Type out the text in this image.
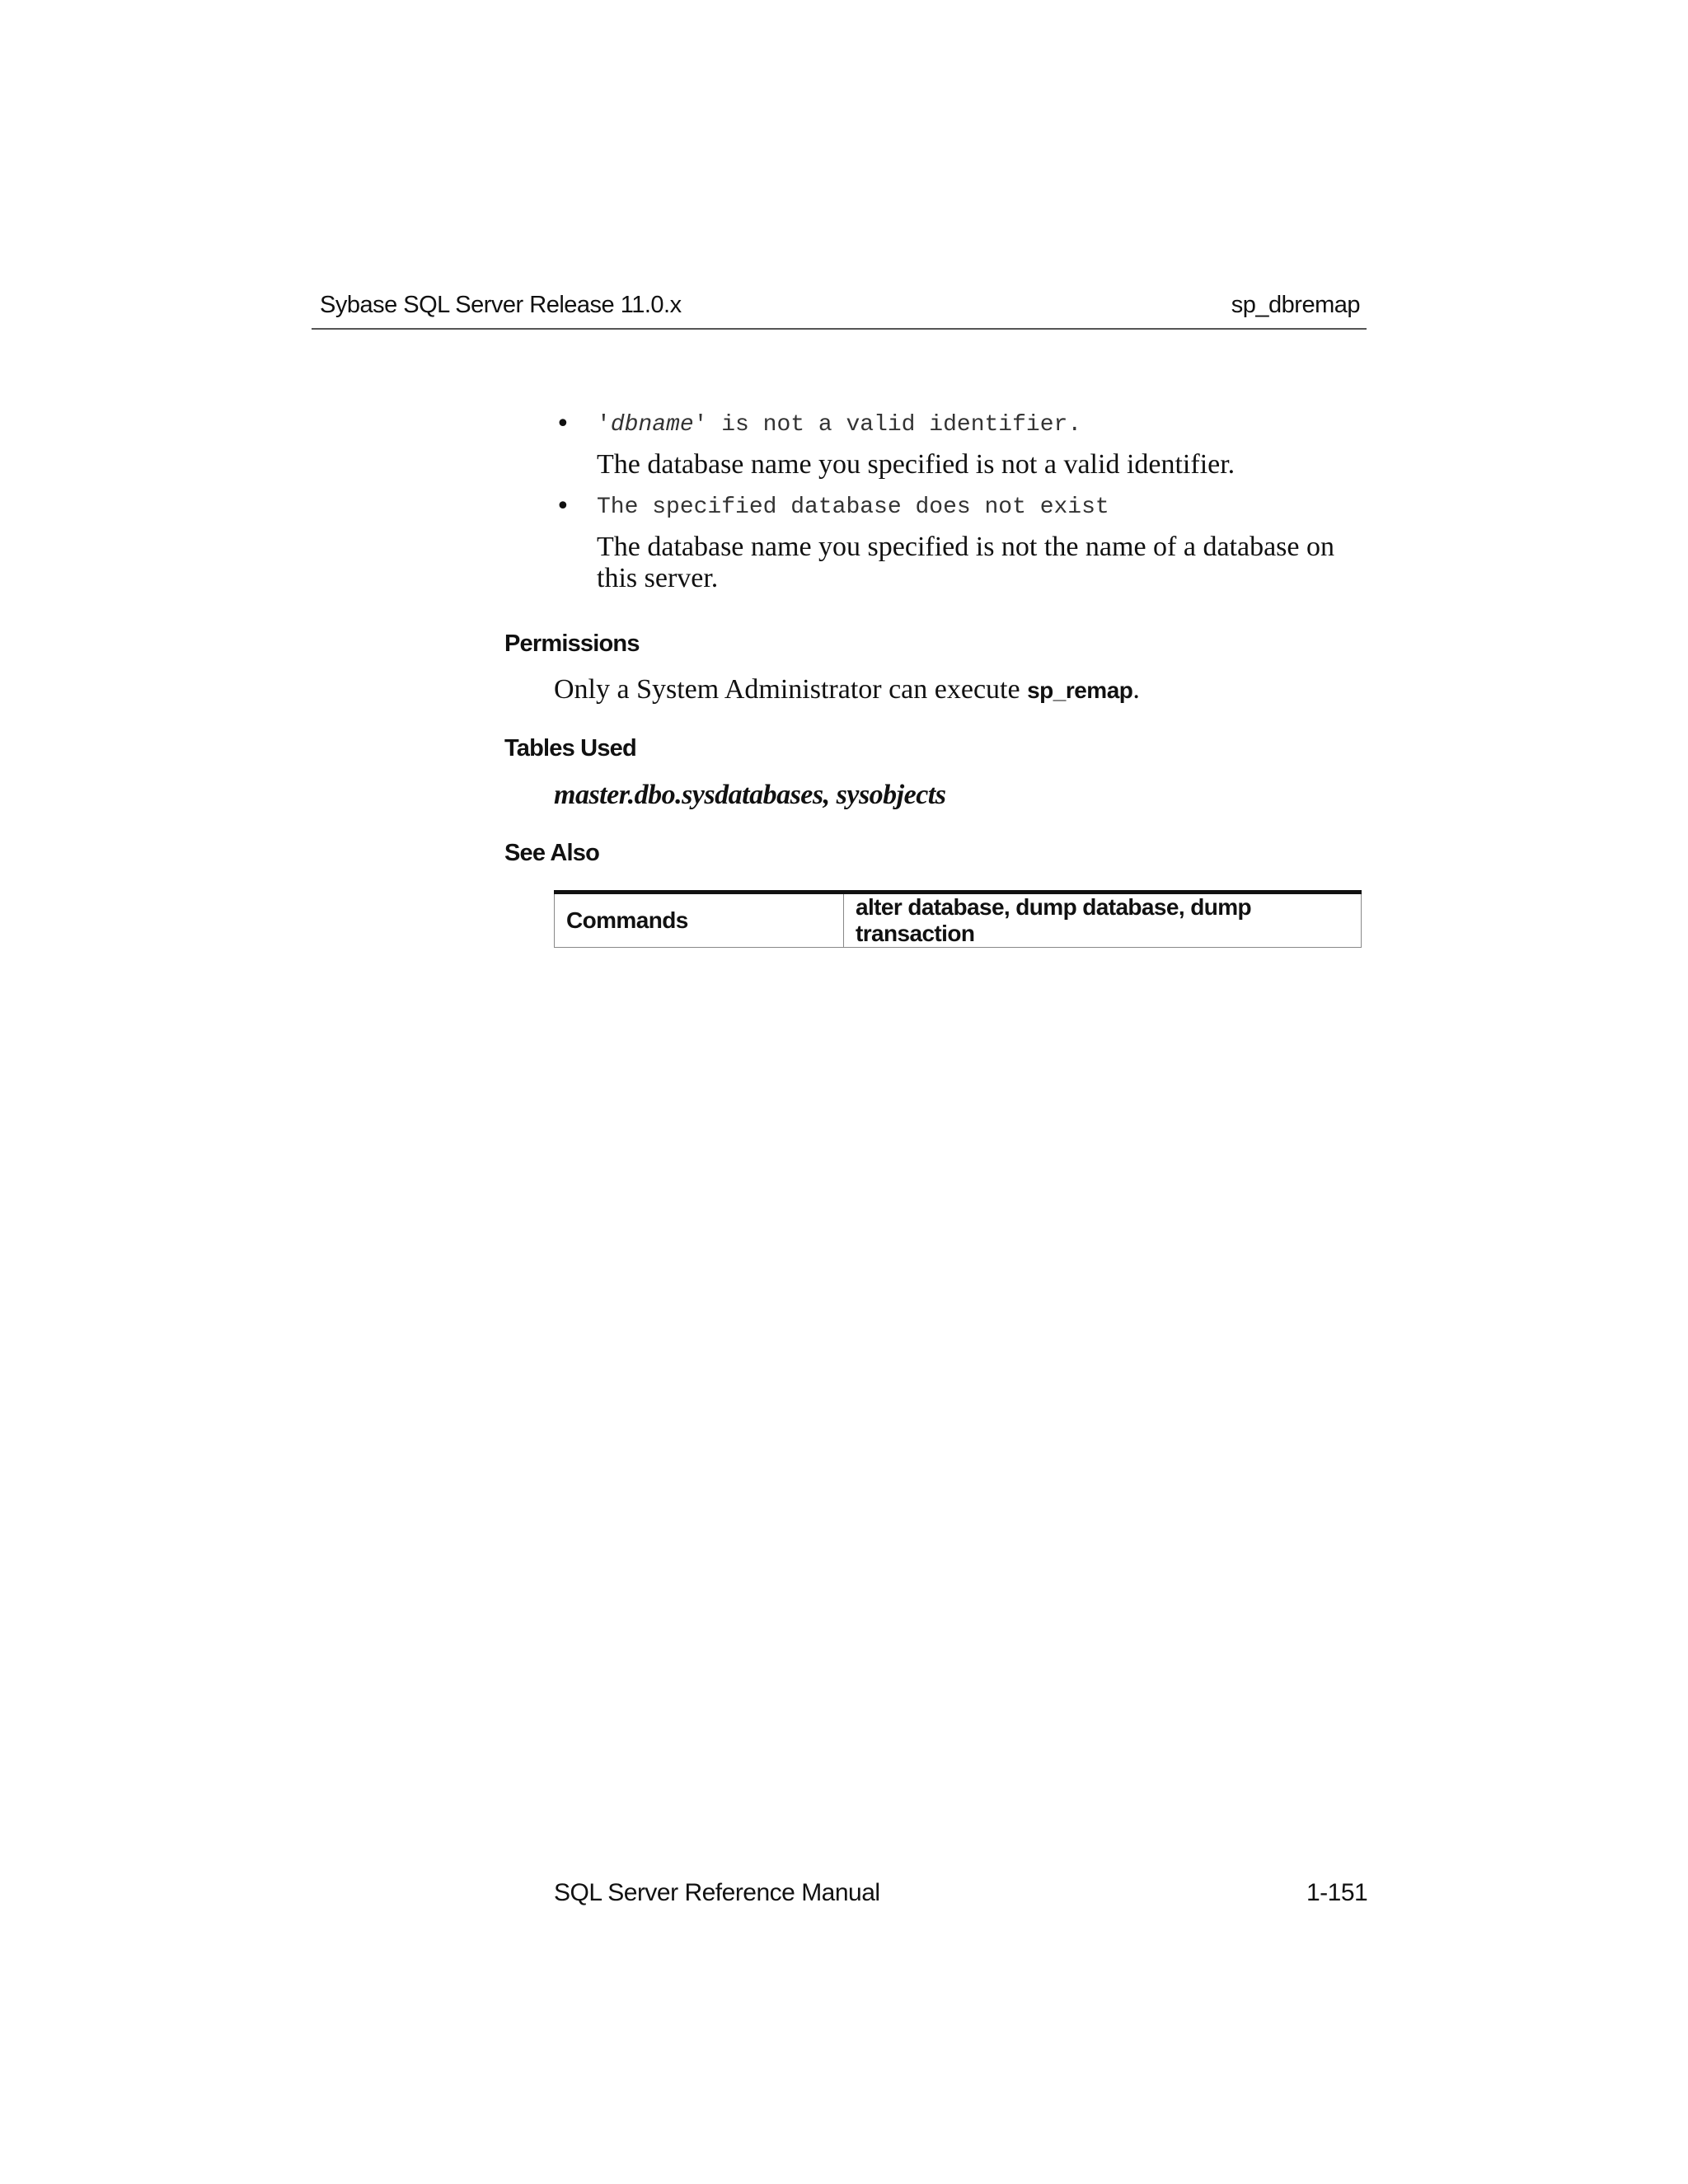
Sybase SQL Server Release 11.0.x	sp_dbremap
• 'dbname' is not a valid identifier.
The database name you specified is not a valid identifier.
• The specified database does not exist
The database name you specified is not the name of a database on this server.
Permissions
Only a System Administrator can execute sp_remap.
Tables Used
master.dbo.sysdatabases, sysobjects
See Also
Commands	alter database, dump database, dump transaction
SQL Server Reference Manual	1-151
